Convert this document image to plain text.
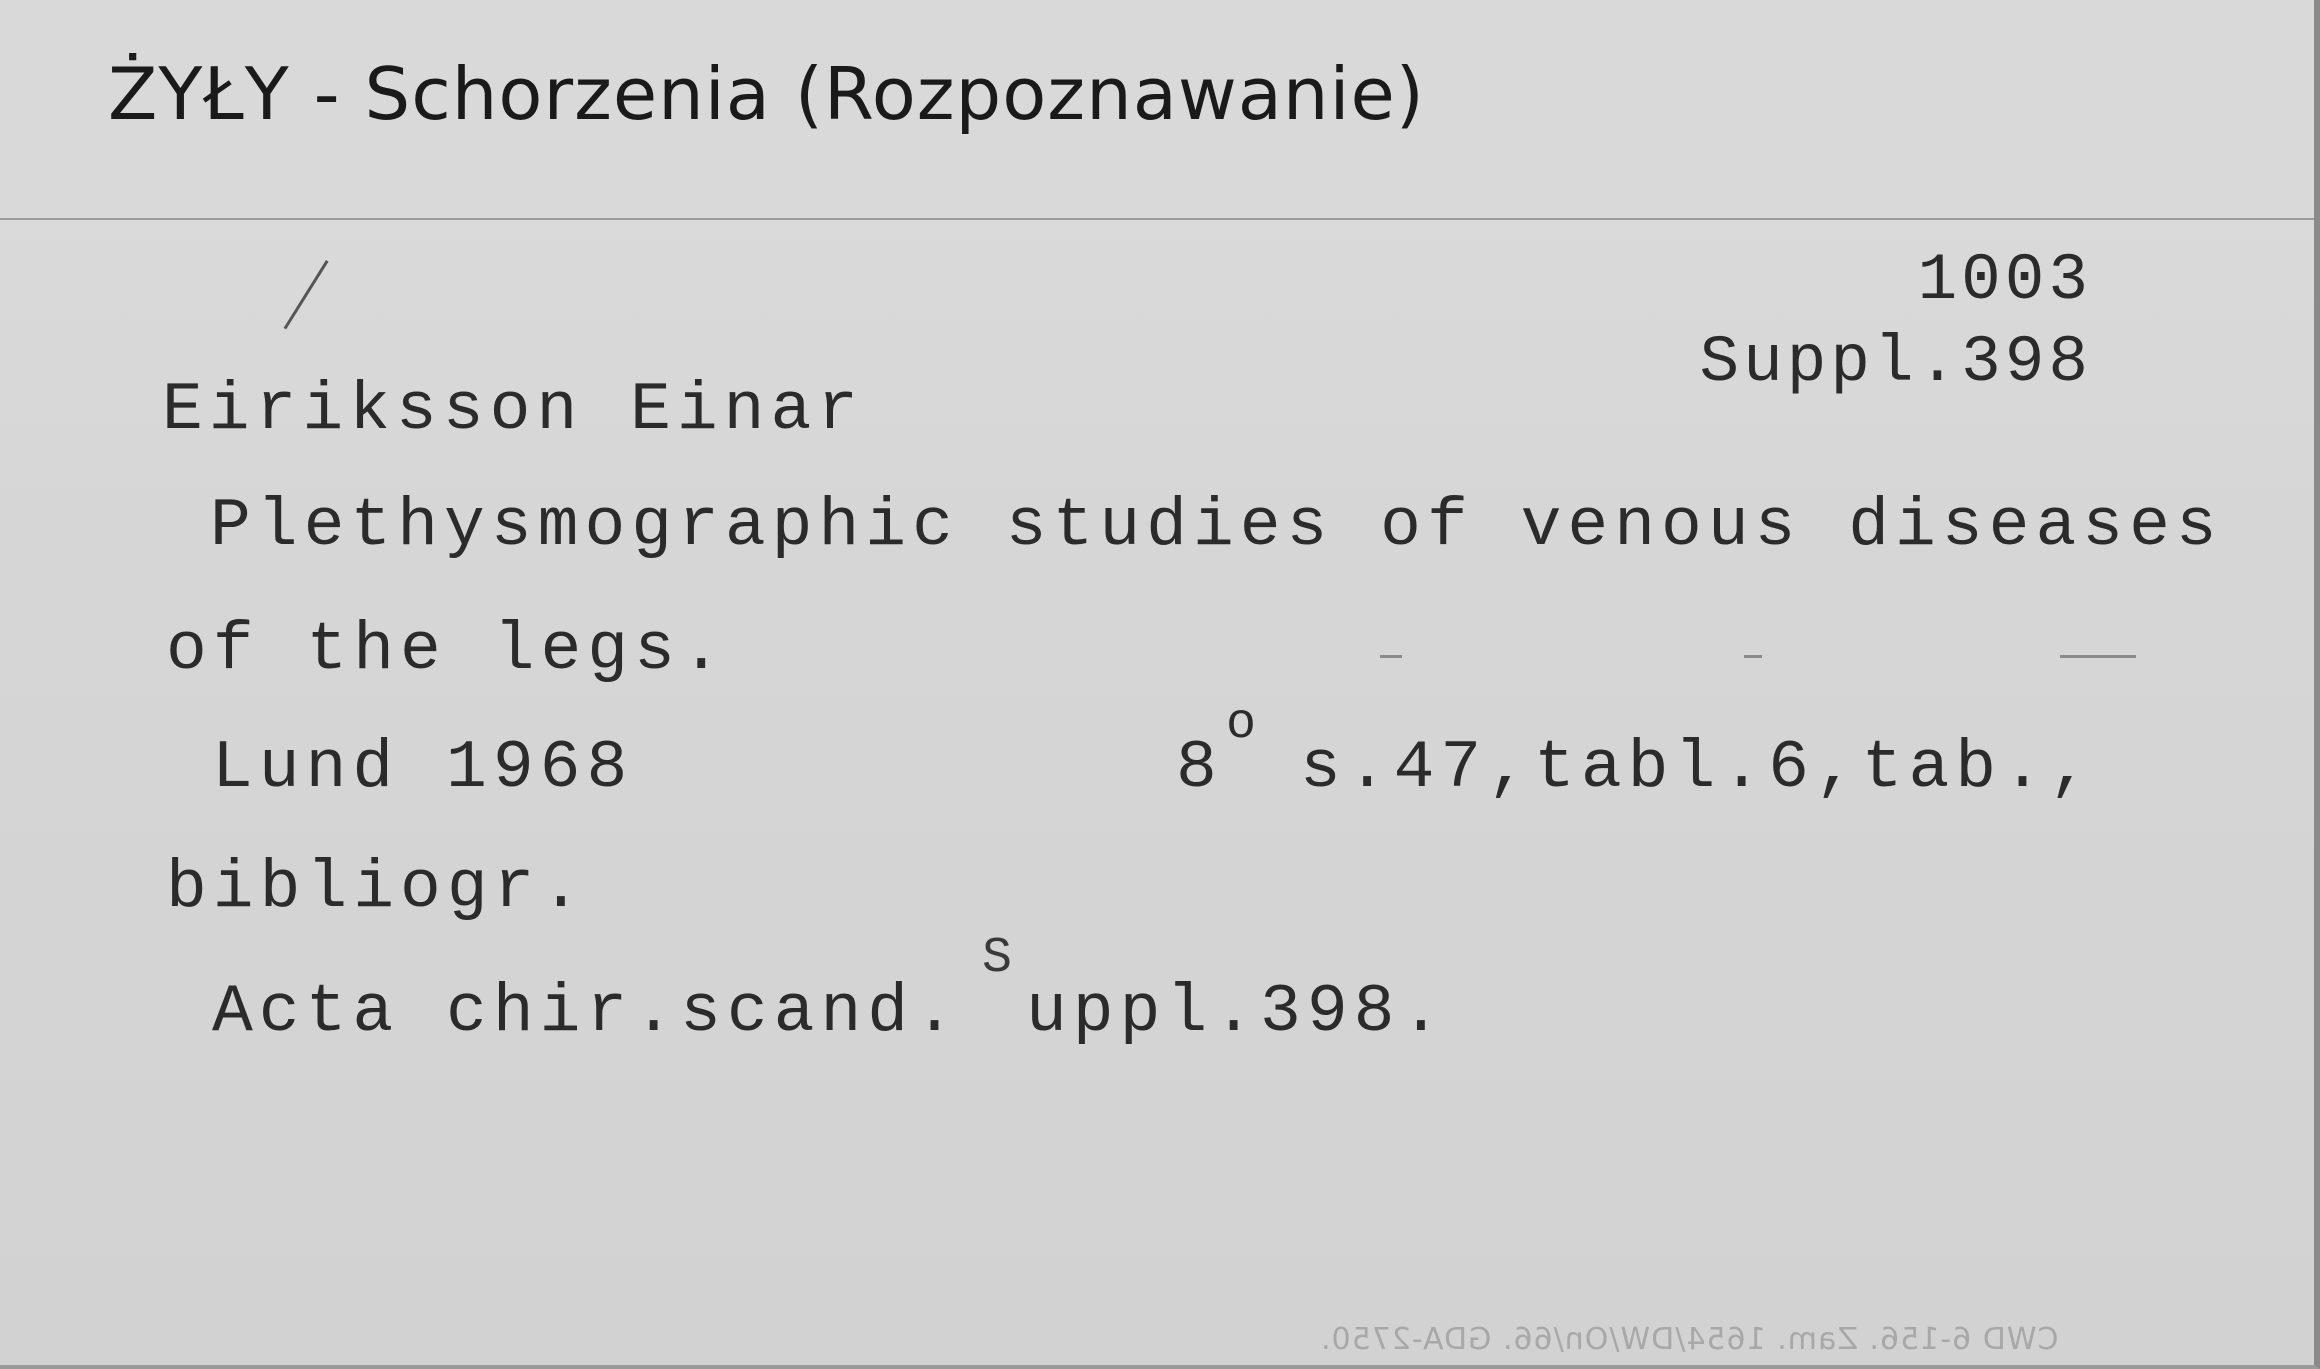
ŻYŁY - Schorzenia (Rozpoznawanie)
1003
Suppl.398
Eiriksson Einar
Plethysmographic studies of venous diseases
of the legs.
Lund 1968	8
o
s.47,tabl.6,tab.,
bibliogr.
Acta chir.scand.
S
uppl.398.
CWD 6-156. Zam. 1654/DW/On/66. GDA-2750.
